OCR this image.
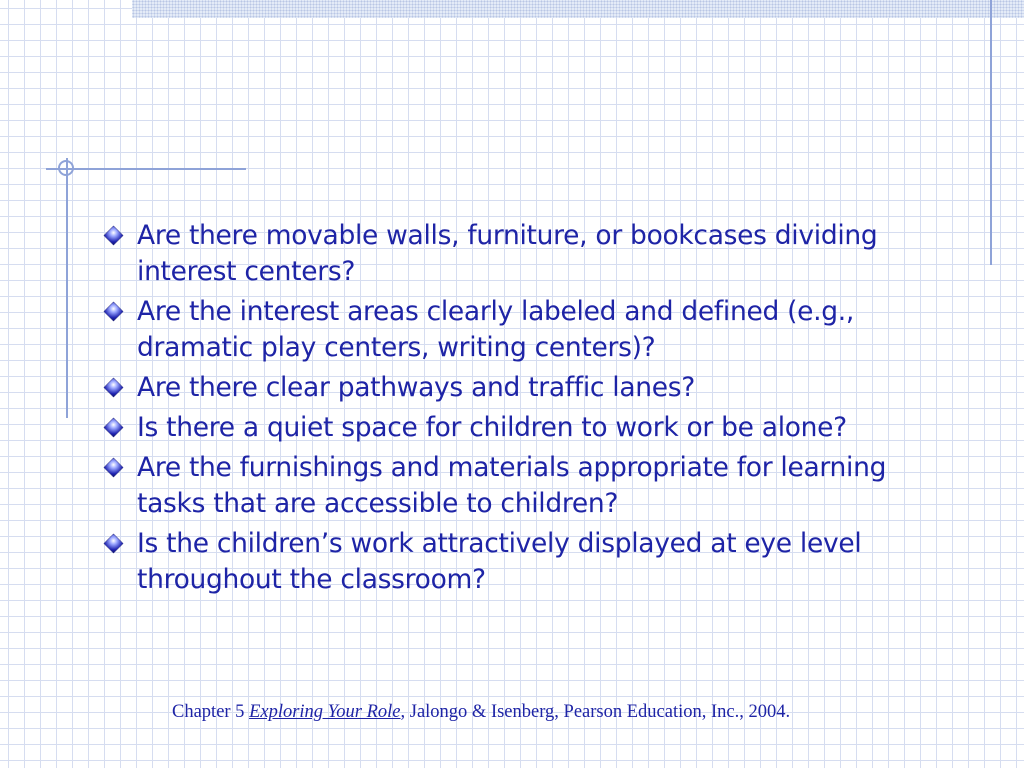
Are there movable walls, furniture, or bookcases dividing interest centers?
Are the interest areas clearly labeled and defined (e.g., dramatic play centers, writing centers)?
Are there clear pathways and traffic lanes?
Is there a quiet space for children to work or be alone?
Are the furnishings and materials appropriate for learning tasks that are accessible to children?
Is the children’s work attractively displayed at eye level throughout the classroom?
Chapter 5 Exploring Your Role, Jalongo & Isenberg, Pearson Education, Inc., 2004.
